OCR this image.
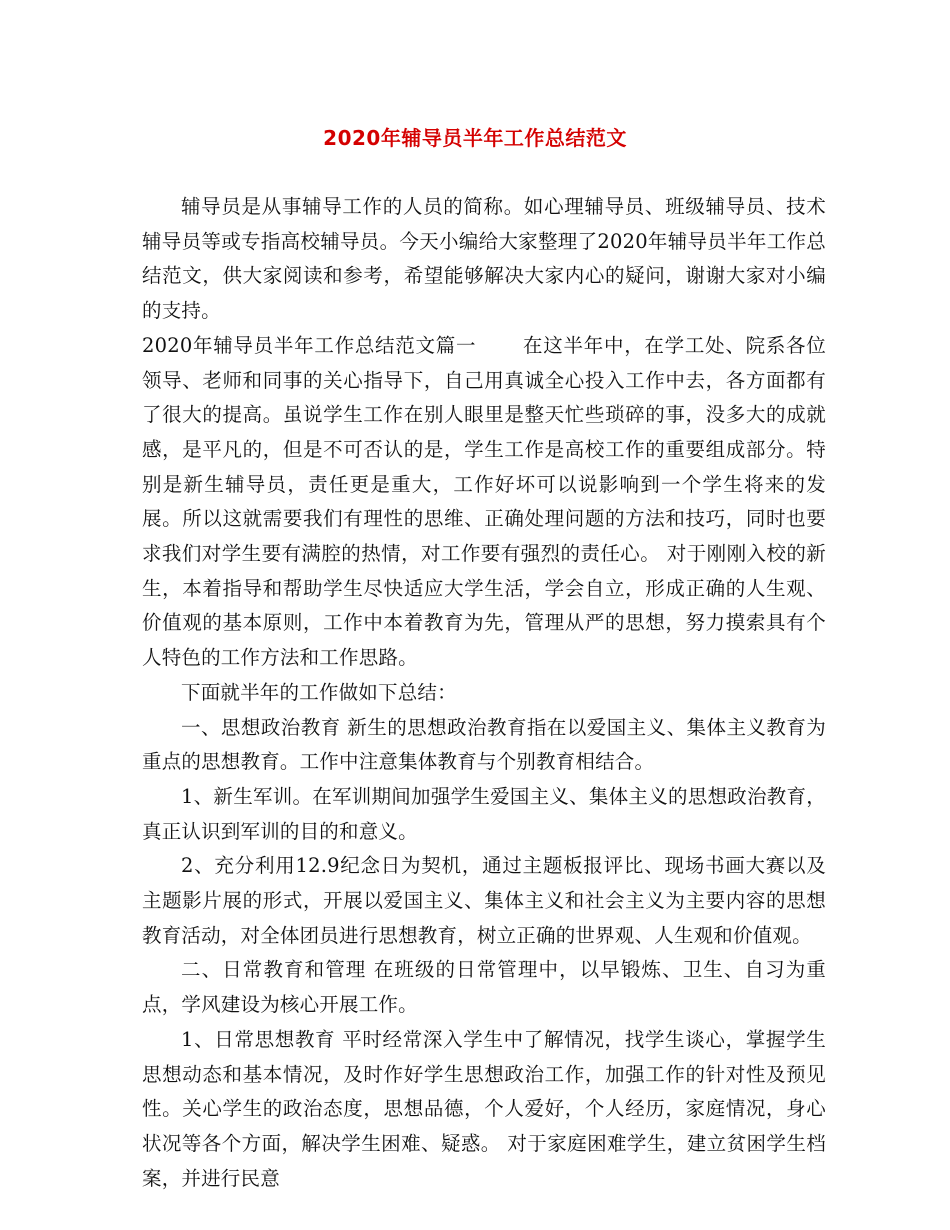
2020年辅导员半年工作总结范文

辅导员是从事辅导工作的人员的简称。如心理辅导员、班级辅导员、技术辅导员等或专指高校辅导员。今天小编给大家整理了2020年辅导员半年工作总结范文，供大家阅读和参考，希望能够解决大家内心的疑问，谢谢大家对小编的支持。

2020年辅导员半年工作总结范文篇一 在这半年中，在学工处、院系各位领导、老师和同事的关心指导下，自己用真诚全心投入工作中去，各方面都有了很大的提高。虽说学生工作在别人眼里是整天忙些琐碎的事，没多大的成就感，是平凡的，但是不可否认的是，学生工作是高校工作的重要组成部分。特别是新生辅导员，责任更是重大，工作好坏可以说影响到一个学生将来的发展。所以这就需要我们有理性的思维、正确处理问题的方法和技巧，同时也要求我们对学生要有满腔的热情，对工作要有强烈的责任心。 对于刚刚入校的新生，本着指导和帮助学生尽快适应大学生活，学会自立，形成正确的人生观、价值观的基本原则，工作中本着教育为先，管理从严的思想，努力摸索具有个人特色的工作方法和工作思路。

下面就半年的工作做如下总结：

一、思想政治教育 新生的思想政治教育指在以爱国主义、集体主义教育为重点的思想教育。工作中注意集体教育与个别教育相结合。

1、新生军训。在军训期间加强学生爱国主义、集体主义的思想政治教育，真正认识到军训的目的和意义。

2、充分利用12.9纪念日为契机，通过主题板报评比、现场书画大赛以及主题影片展的形式，开展以爱国主义、集体主义和社会主义为主要内容的思想教育活动，对全体团员进行思想教育，树立正确的世界观、人生观和价值观。

二、日常教育和管理 在班级的日常管理中，以早锻炼、卫生、自习为重点，学风建设为核心开展工作。

1、日常思想教育 平时经常深入学生中了解情况，找学生谈心，掌握学生思想动态和基本情况，及时作好学生思想政治工作，加强工作的针对性及预见性。关心学生的政治态度，思想品德，个人爱好，个人经历，家庭情况，身心状况等各个方面，解决学生困难、疑惑。 对于家庭困难学生，建立贫困学生档案，并进行民意
